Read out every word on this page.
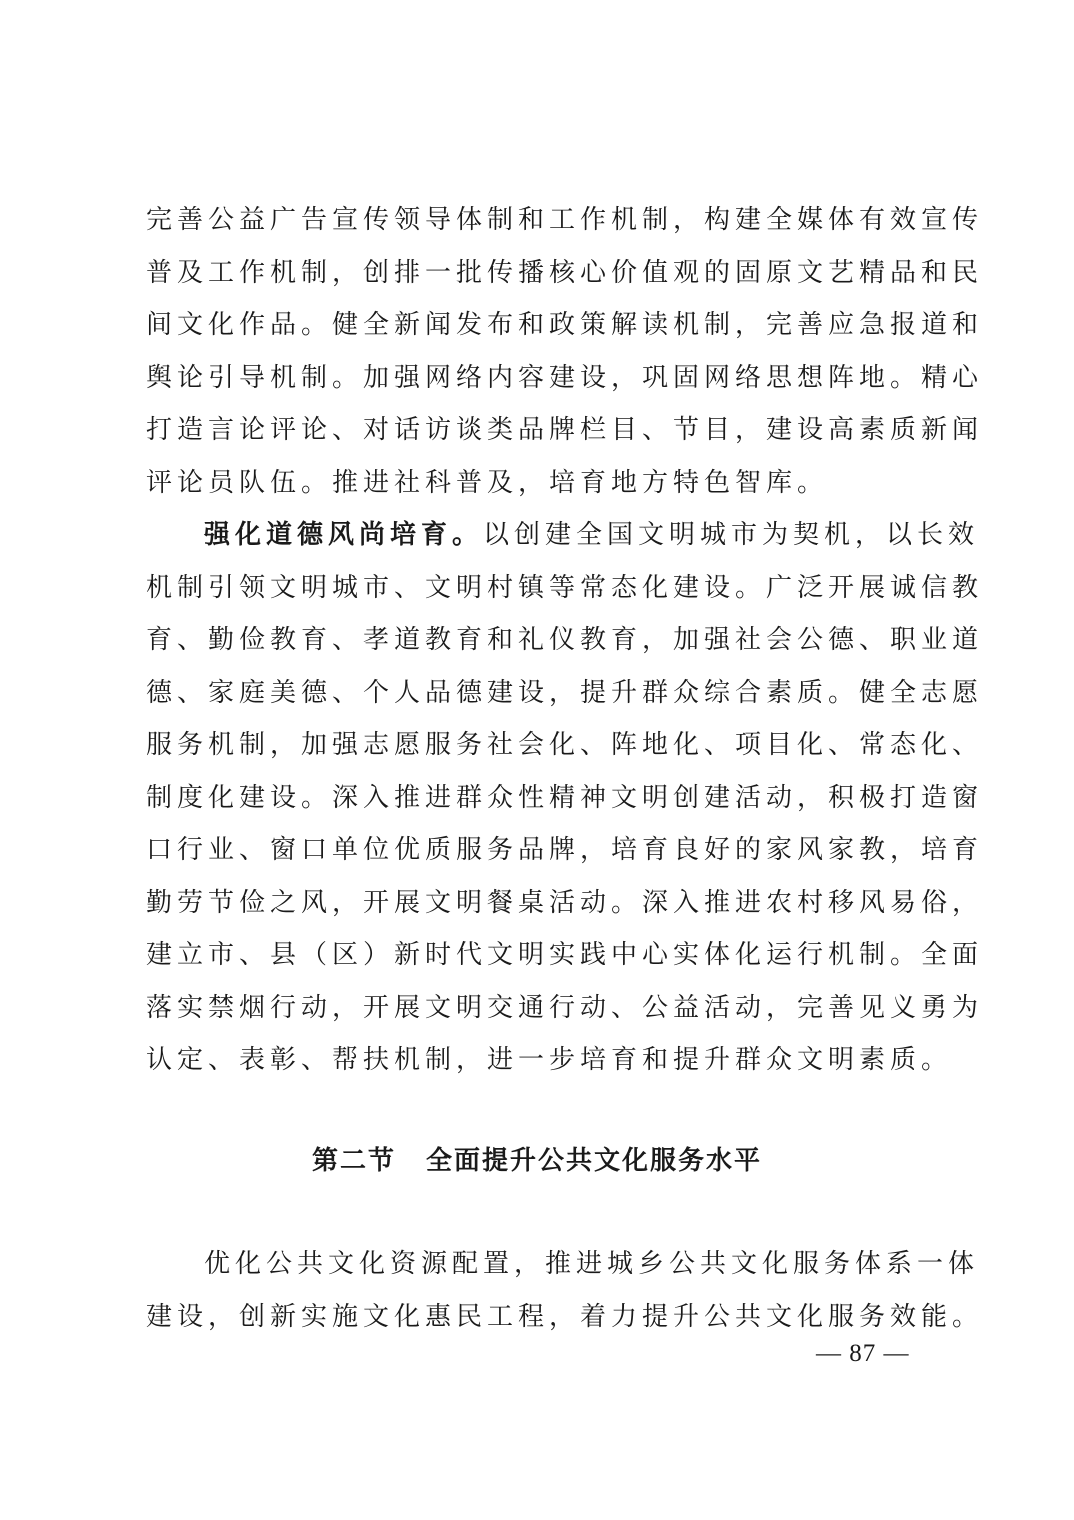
完善公益广告宣传领导体制和工作机制，构建全媒体有效宣传
普及工作机制，创排一批传播核心价值观的固原文艺精品和民
间文化作品。健全新闻发布和政策解读机制，完善应急报道和
舆论引导机制。加强网络内容建设，巩固网络思想阵地。精心
打造言论评论、对话访谈类品牌栏目、节目，建设高素质新闻
评论员队伍。推进社科普及，培育地方特色智库。

强化道德风尚培育。以创建全国文明城市为契机，以长效
机制引领文明城市、文明村镇等常态化建设。广泛开展诚信教
育、勤俭教育、孝道教育和礼仪教育，加强社会公德、职业道
德、家庭美德、个人品德建设，提升群众综合素质。健全志愿
服务机制，加强志愿服务社会化、阵地化、项目化、常态化、
制度化建设。深入推进群众性精神文明创建活动，积极打造窗
口行业、窗口单位优质服务品牌，培育良好的家风家教，培育
勤劳节俭之风，开展文明餐桌活动。深入推进农村移风易俗，
建立市、县（区）新时代文明实践中心实体化运行机制。全面
落实禁烟行动，开展文明交通行动、公益活动，完善见义勇为
认定、表彰、帮扶机制，进一步培育和提升群众文明素质。

第二节 全面提升公共文化服务水平

优化公共文化资源配置，推进城乡公共文化服务体系一体
建设，创新实施文化惠民工程，着力提升公共文化服务效能。

— 87 —
